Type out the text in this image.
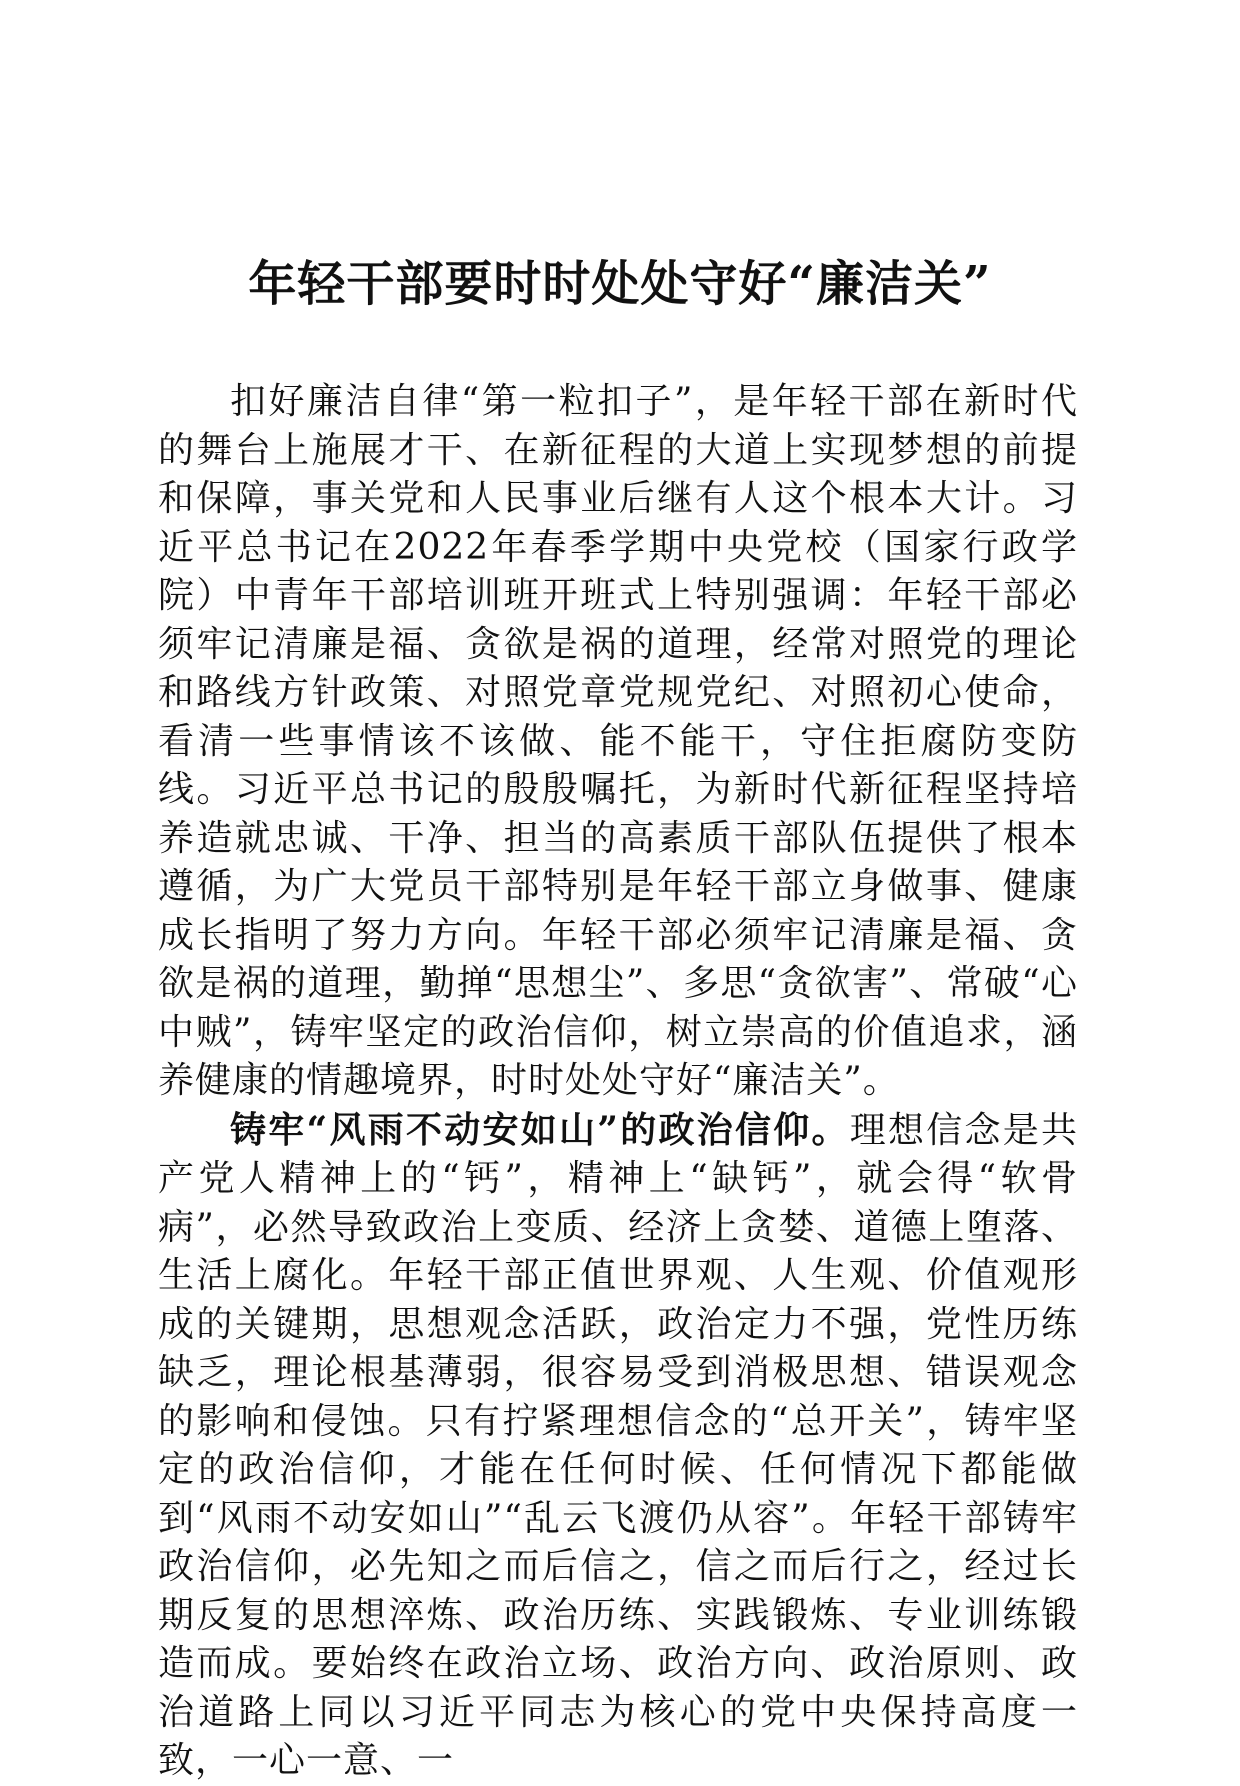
年轻干部要时时处处守好“廉洁关”

扣好廉洁自律“第一粒扣子”，是年轻干部在新时代的舞台上施展才干、在新征程的大道上实现梦想的前提和保障，事关党和人民事业后继有人这个根本大计。习近平总书记在2022年春季学期中央党校（国家行政学院）中青年干部培训班开班式上特别强调：年轻干部必须牢记清廉是福、贪欲是祸的道理，经常对照党的理论和路线方针政策、对照党章党规党纪、对照初心使命，看清一些事情该不该做、能不能干，守住拒腐防变防线。习近平总书记的殷殷嘱托，为新时代新征程坚持培养造就忠诚、干净、担当的高素质干部队伍提供了根本遵循，为广大党员干部特别是年轻干部立身做事、健康成长指明了努力方向。年轻干部必须牢记清廉是福、贪欲是祸的道理，勤掸“思想尘”、多思“贪欲害”、常破“心中贼”，铸牢坚定的政治信仰，树立崇高的价值追求，涵养健康的情趣境界，时时处处守好“廉洁关”。

铸牢“风雨不动安如山”的政治信仰。理想信念是共产党人精神上的“钙”，精神上“缺钙”，就会得“软骨病”，必然导致政治上变质、经济上贪婪、道德上堕落、生活上腐化。年轻干部正值世界观、人生观、价值观形成的关键期，思想观念活跃，政治定力不强，党性历练缺乏，理论根基薄弱，很容易受到消极思想、错误观念的影响和侵蚀。只有拧紧理想信念的“总开关”，铸牢坚定的政治信仰，才能在任何时候、任何情况下都能做到“风雨不动安如山”“乱云飞渡仍从容”。年轻干部铸牢政治信仰，必先知之而后信之，信之而后行之，经过长期反复的思想淬炼、政治历练、实践锻炼、专业训练锻造而成。要始终在政治立场、政治方向、政治原则、政治道路上同以习近平同志为核心的党中央保持高度一致，一心一意、一
